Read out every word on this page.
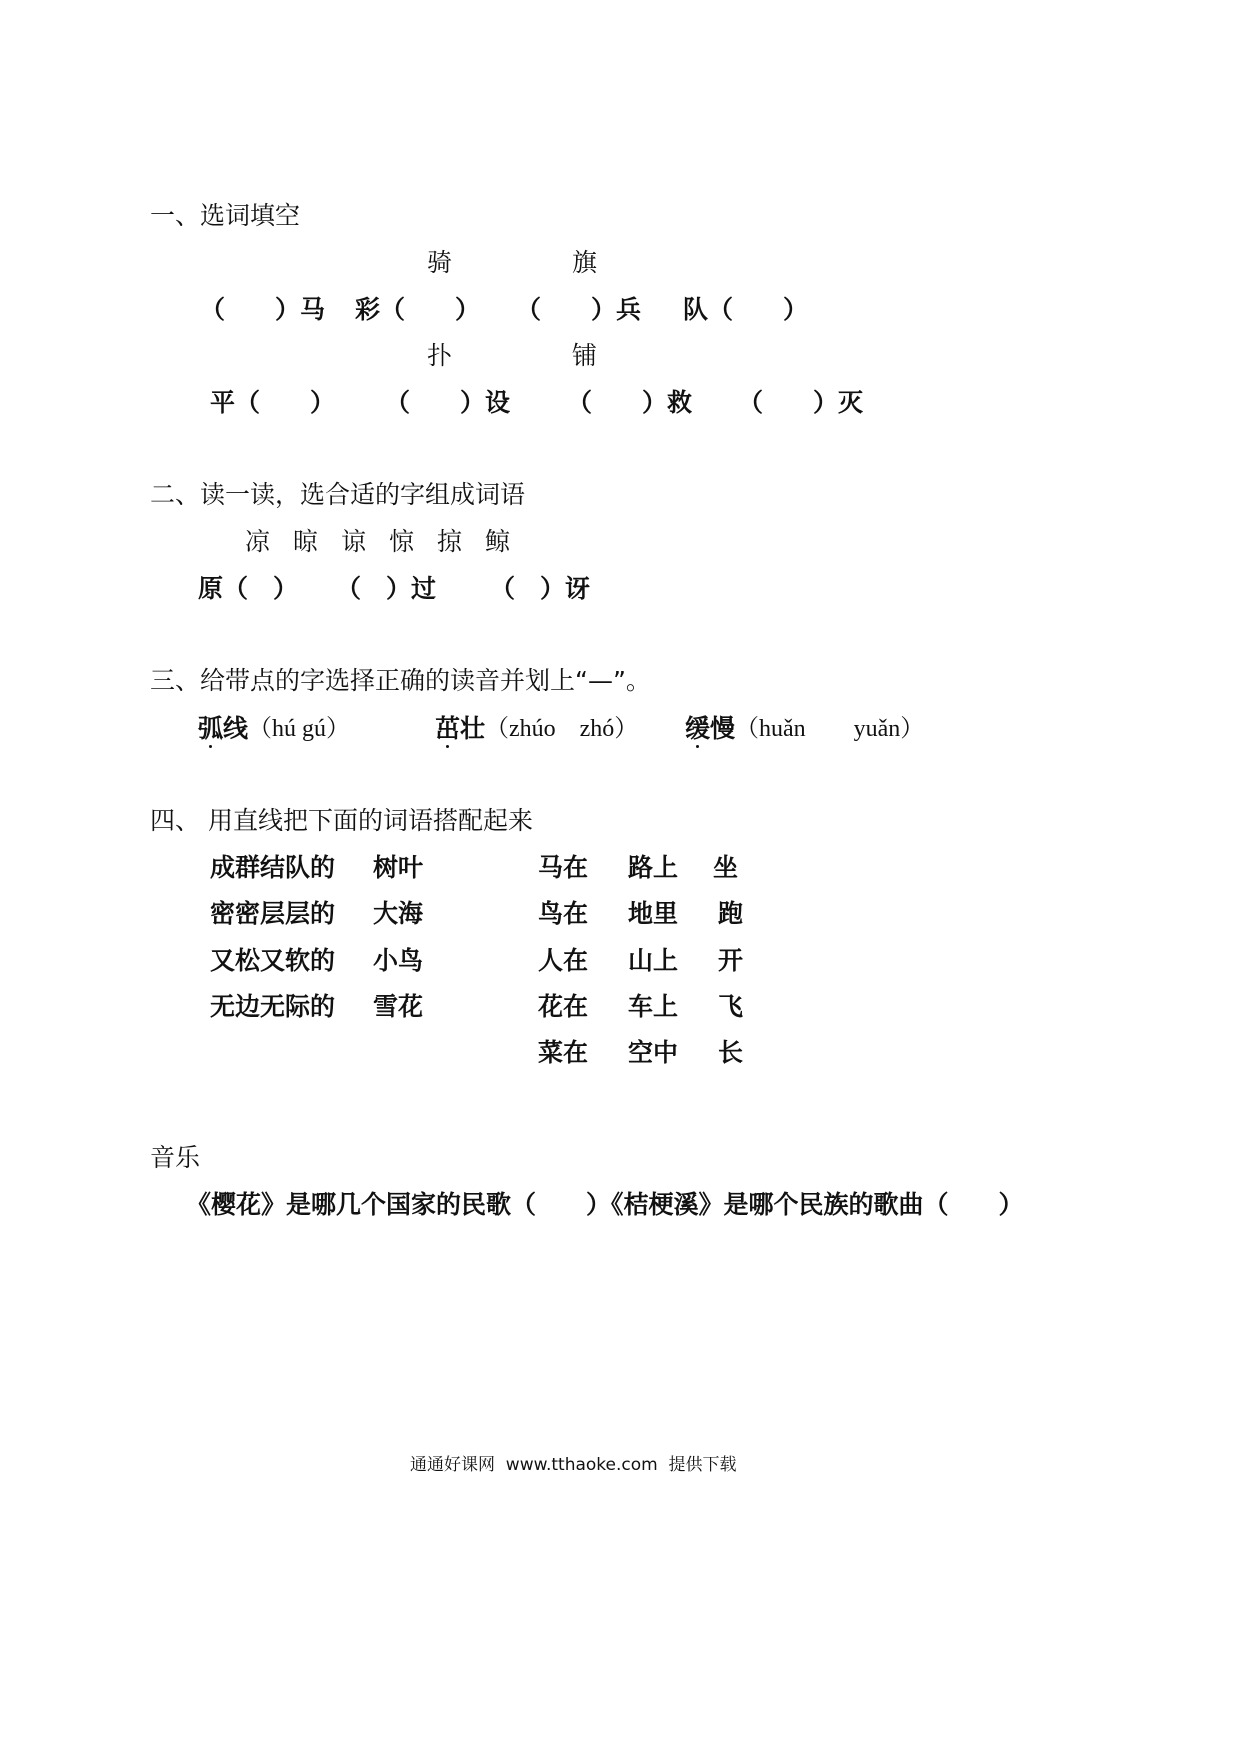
一、选词填空
骑	旗
（　　）马 彩（　　） （　　）兵 队（　　）
扑	铺
平（　　） （　　）设 （　　）救 （　　）灭
二、读一读，选合适的字组成词语
凉 晾 谅 惊 掠 鲸
原（　） （　）过 （　）讶
三、给带点的字选择正确的读音并划上“—”。
弧线 （hú gú）	茁壮 （zhúo　zhó） 缓慢 （huǎn　　yuǎn）
四、 用直线把下面的词语搭配起来
成群结队的 树叶
密密层层的 大海
又松又软的 小鸟
无边无际的 雪花
马在 路上 坐
鸟在 地里 跑
人在 山上 开
花在 车上 飞
菜在 空中 长
音乐
《樱花》是哪几个国家的民歌（　　）《桔梗溪》是哪个民族的歌曲（　　）
通通好课网  www.tthaoke.com  提供下载
